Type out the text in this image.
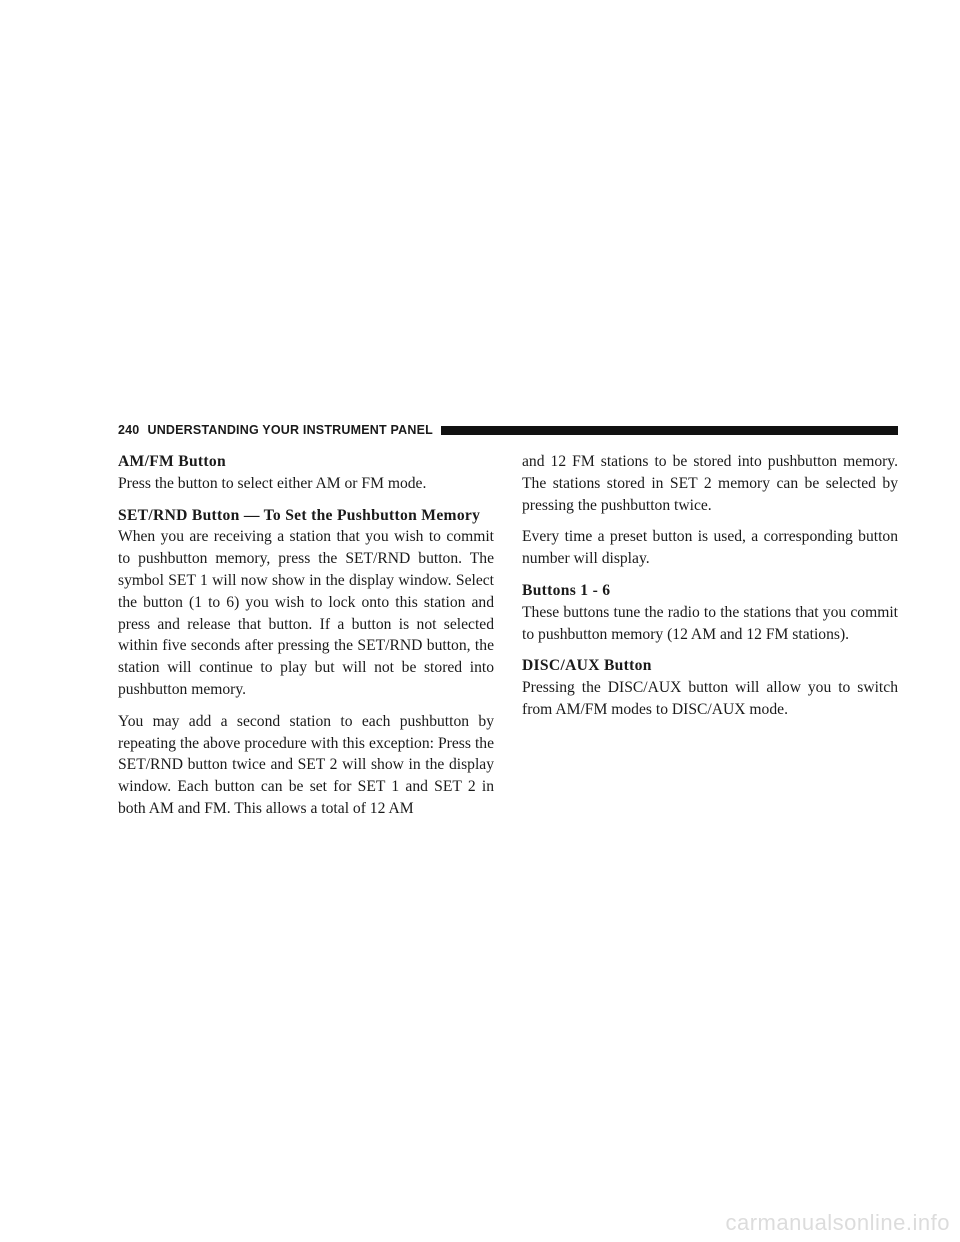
240 UNDERSTANDING YOUR INSTRUMENT PANEL

AM/FM Button

Press the button to select either AM or FM mode.

SET/RND Button — To Set the Pushbutton Memory

When you are receiving a station that you wish to commit to pushbutton memory, press the SET/RND button. The symbol SET 1 will now show in the display window. Select the button (1 to 6) you wish to lock onto this station and press and release that button. If a button is not selected within five seconds after pressing the SET/RND button, the station will continue to play but will not be stored into pushbutton memory.

You may add a second station to each pushbutton by repeating the above procedure with this exception: Press the SET/RND button twice and SET 2 will show in the display window. Each button can be set for SET 1 and SET 2 in both AM and FM. This allows a total of 12 AM

and 12 FM stations to be stored into pushbutton memory. The stations stored in SET 2 memory can be selected by pressing the pushbutton twice.

Every time a preset button is used, a corresponding button number will display.

Buttons 1 - 6

These buttons tune the radio to the stations that you commit to pushbutton memory (12 AM and 12 FM stations).

DISC/AUX Button

Pressing the DISC/AUX button will allow you to switch from AM/FM modes to DISC/AUX mode.

carmanualsonline.info
